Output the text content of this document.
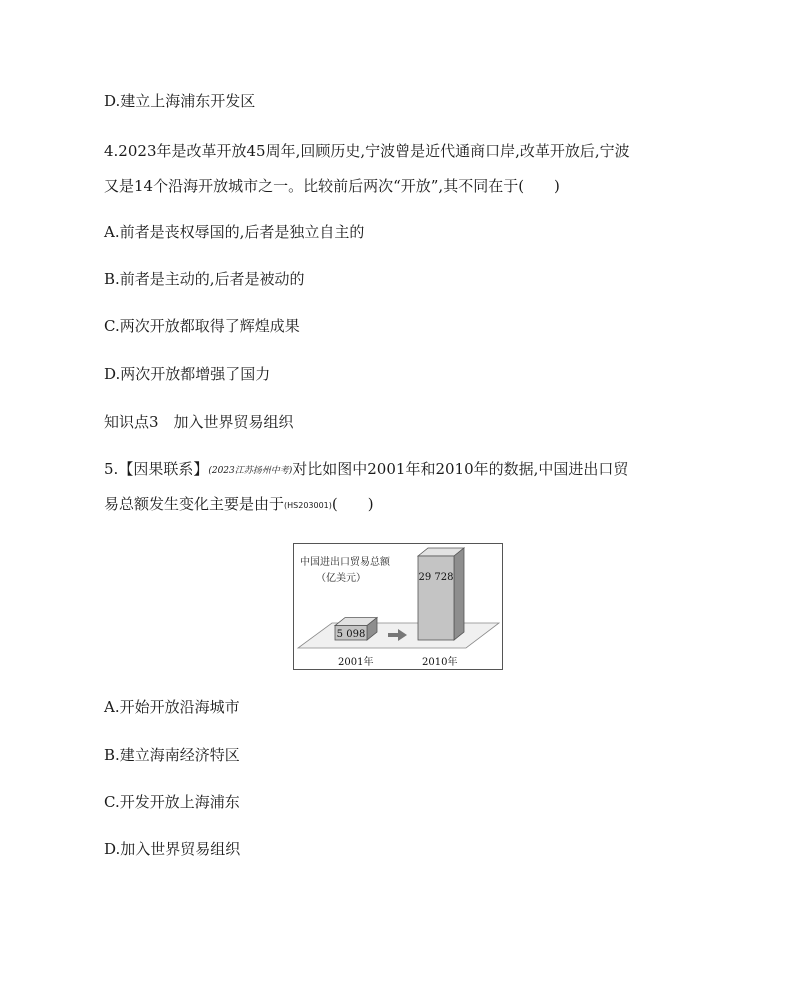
D.建立上海浦东开发区
4.2023年是改革开放45周年,回顾历史,宁波曾是近代通商口岸,改革开放后,宁波
又是14个沿海开放城市之一。比较前后两次“开放”,其不同在于(　　)
A.前者是丧权辱国的,后者是独立自主的
B.前者是主动的,后者是被动的
C.两次开放都取得了辉煌成果
D.两次开放都增强了国力
知识点3　加入世界贸易组织
5.【因果联系】(2023江苏扬州中考)对比如图中2001年和2010年的数据,中国进出口贸
易总额发生变化主要是由于(HS203001)(　　)
中国进出口贸易总额
（亿美元）
5 098
29 728
2001年	2010年
A.开始开放沿海城市
B.建立海南经济特区
C.开发开放上海浦东
D.加入世界贸易组织
